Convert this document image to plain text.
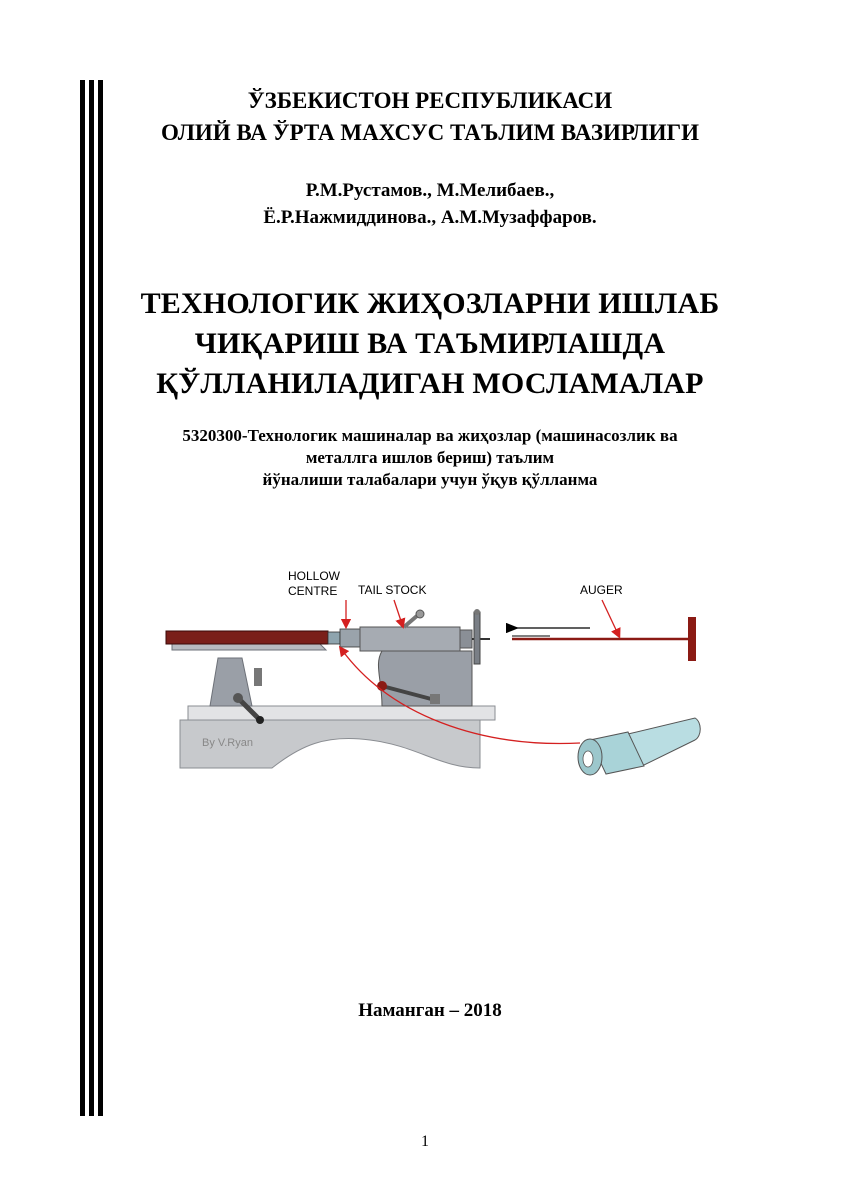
ЎЗБЕКИСТОН РЕСПУБЛИКАСИ
ОЛИЙ ВА ЎРТА МАХСУС ТАЪЛИМ ВАЗИРЛИГИ
Р.М.Рустамов., М.Мелибаев.,
Ё.Р.Нажмиддинова., А.М.Музаффаров.
ТЕХНОЛОГИК ЖИҲОЗЛАРНИ ИШЛАБ
ЧИҚАРИШ ВА ТАЪМИРЛАШДА
ҚЎЛЛАНИЛАДИГАН МОСЛАМАЛАР
5320300-Технологик машиналар ва жиҳозлар (машинасозлик ва
металлга ишлов бериш) таълим
йўналиши талабалари учун ўқув қўлланма
By V.Ryan
HOLLOW
CENTRE TAIL STOCK	AUGER
Наманган – 2018
1
